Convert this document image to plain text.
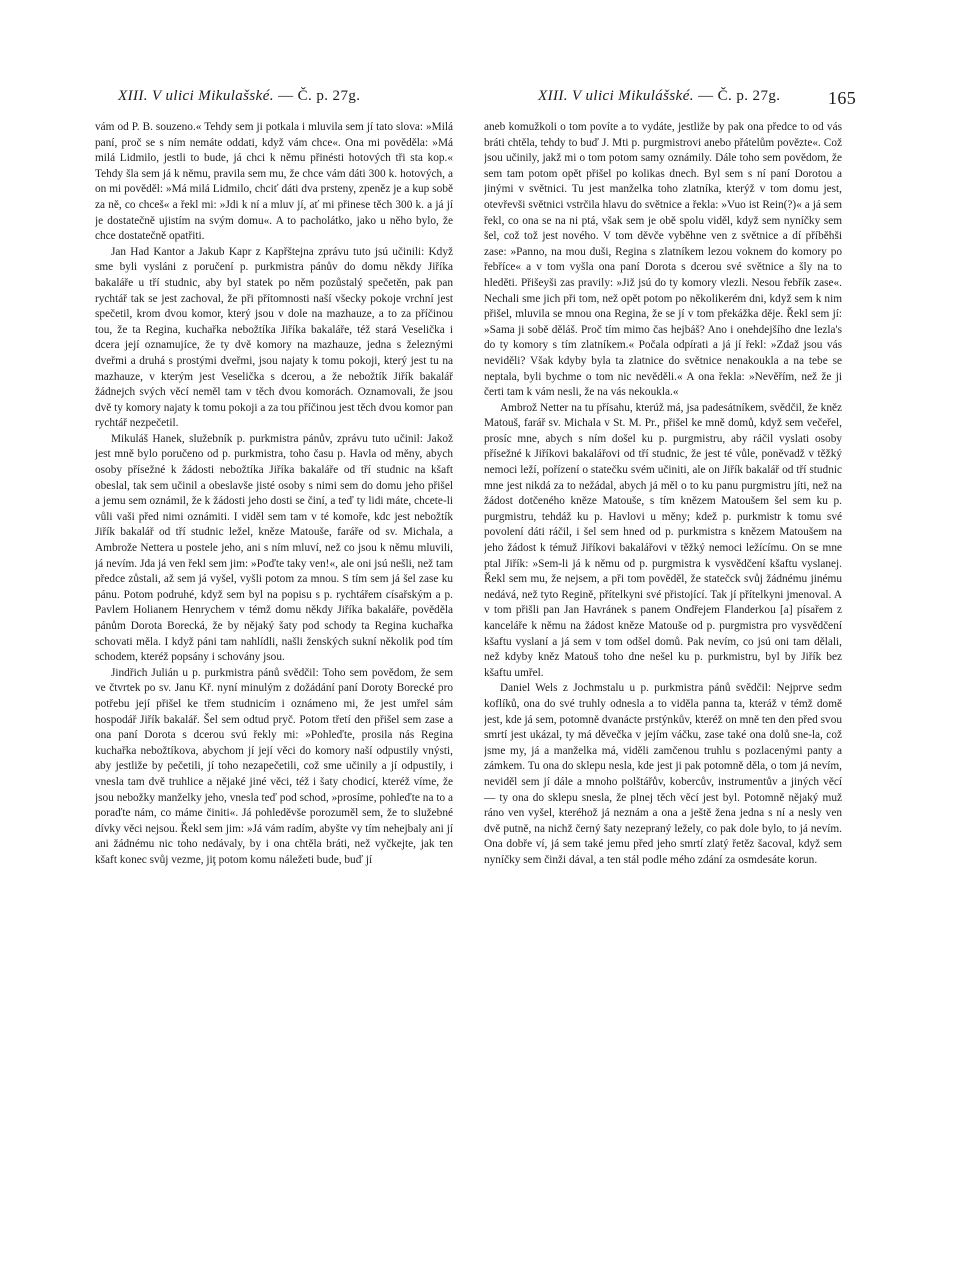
XIII. V ulici Mikulašské. — Č. p. 27g.	XIII. V ulici Mikulášské. — Č. p. 27g.	165

vám od P. B. souzeno.« Tehdy sem ji potkala i mluvila sem jí tato slova: »Milá paní, proč se s ním nemáte oddati, když vám chce«. Ona mi pověděla: »Má milá Lidmilo, jestli to bude, já chci k němu přinésti hotových tři sta kop.« Tehdy šla sem já k němu, pravila sem mu, že chce vám dáti 300 k. hotových, a on mi pověděl: »Má milá Lidmilo, chciť dáti dva prsteny, zpeněz je a kup sobě za ně, co chceš« a řekl mi: »Jdi k ní a mluv jí, ať mi přinese těch 300 k. a já jí je dostatečně ujistím na svým domu«. A to pacholátko, jako u něho bylo, že chce dostatečně opatřiti.

Jan Had Kantor a Jakub Kapr z Kapřštejna zprávu tuto jsú učinili: Když sme byli vysláni z poručení p. purkmistra pánův do domu někdy Jiříka bakaláře u tří studnic, aby byl statek po něm pozůstalý spečetěn, pak pan rychtář tak se jest zachoval, že při přítomnosti naší všecky pokoje vrchní jest spečetil, krom dvou komor, který jsou v dole na mazhauze, a to za příčinou tou, že ta Regina, kuchařka nebožtíka Jiříka bakaláře, též stará Veselička i dcera její oznamujíce, že ty dvě komory na mazhauze, jedna s železnými dveřmi a druhá s prostými dveřmi, jsou najaty k tomu pokoji, který jest tu na mazhauze, v kterým jest Veselička s dcerou, a že nebožtík Jiřík bakalář žádnejch svých věcí neměl tam v těch dvou komorách. Oznamovali, že jsou dvě ty komory najaty k tomu pokoji a za tou příčinou jest těch dvou komor pan rychtář nezpečetil.

Mikuláš Hanek, služebník p. purkmistra pánův, zprávu tuto učinil: Jakož jest mně bylo poručeno od p. purkmistra, toho času p. Havla od měny, abych osoby přísežné k žádosti nebožtíka Jiříka bakaláře od tří studnic na kšaft obeslal, tak sem učinil a obeslavše jisté osoby s nimi sem do domu jeho přišel a jemu sem oznámil, že k žádosti jeho dosti se činí, a teď ty lidi máte, chcete-li vůli vaši před nimi oznámiti. I viděl sem tam v té komoře, kdc jest nebožtík Jiřík bakalář od tří studnic ležel, kněze Matouše, faráře od sv. Michala, a Ambrože Nettera u postele jeho, ani s ním mluví, než co jsou k němu mluvili, já nevím. Jda já ven řekl sem jim: »Poďte taky ven!«, ale oni jsú nešli, než tam předce zůstali, až sem já vyšel, vyšli potom za mnou. S tím sem já šel zase ku pánu. Potom podruhé, když sem byl na popisu s p. rychtářem císařským a p. Pavlem Holianem Henrychem v témž domu někdy Jiříka bakaláře, pověděla pánům Dorota Borecká, že by nějaký šaty pod schody ta Regina kuchařka schovati měla. I když páni tam nahlídli, našli ženských sukní několik pod tím schodem, kteréž popsány i schovány jsou.

Jindřich Julián u p. purkmistra pánů svědčil: Toho sem povědom, že sem ve čtvrtek po sv. Janu Kř. nyní minulým z dožádání paní Doroty Borecké pro potřebu její přišel ke třem studnicím i oznámeno mi, že jest umřel sám hospodář Jiřík bakalář. Šel sem odtud pryč. Potom třetí den přišel sem zase a ona paní Dorota s dcerou svú řekly mi: »Pohleďte, prosila nás Regina kuchařka nebožtíkova, abychom jí její věci do komory naší odpustily vnýsti, aby jestliže by pečetili, jí toho nezapečetili, což sme učinily a jí odpustily, i vnesla tam dvě truhlice a nějaké jiné věci, též i šaty chodicí, kteréž víme, že jsou nebožky manželky jeho, vnesla teď pod schod, »prosíme, pohleďte na to a poraďte nám, co máme činiti«. Já pohleděvše porozuměl sem, že to služebné dívky věci nejsou. Řekl sem jim: »Já vám radím, abyšte vy tím nehejbaly ani jí ani žádnému nic toho nedávaly, by i ona chtěla bráti, než vyčkejte, jak ten kšaft konec svůj vezme, jiţ potom komu náležeti bude, buď jí

aneb komužkoli o tom povíte a to vydáte, jestliže by pak ona předce to od vás bráti chtěla, tehdy to buď J. Mti p. purgmistrovi anebo přátelům povězte«. Což jsou učinily, jakž mi o tom potom samy oznámily. Dále toho sem povědom, že sem tam potom opět přišel po kolikas dnech. Byl sem s ní paní Dorotou a jinými v světnici. Tu jest manželka toho zlatníka, kterýž v tom domu jest, otevřevši světnici vstrčila hlavu do světnice a řekla: »Vuo ist Rein(?)« a já sem řekl, co ona se na ni ptá, však sem je obě spolu viděl, když sem nyníčky sem šel, což tož jest nového. V tom děvče vyběhne ven z světnice a dí příběhši zase: »Panno, na mou duši, Regina s zlatníkem lezou voknem do komory po řebříce« a v tom vyšla ona paní Dorota s dcerou své světnice a šly na to hleděti. Přišeyši zas pravily: »Již jsú do ty komory vlezli. Nesou řebřík zase«. Nechali sme jich při tom, než opět potom po několikerém dni, když sem k nim přišel, mluvila se mnou ona Regina, že se jí v tom překážka děje. Řekl sem jí: »Sama ji sobě děláš. Proč tím mimo čas hejbáš? Ano i onehdejšího dne lezla's do ty komory s tím zlatníkem.« Počala odpírati a já jí řekl: »Zdaž jsou vás neviděli? Však kdyby byla ta zlatnice do světnice nenakoukla a na tebe se neptala, byli bychme o tom nic nevěděli.« A ona řekla: »Nevěřím, než že ji čerti tam k vám nesli, že na vás nekoukla.«

Ambrož Netter na tu přísahu, kterúž má, jsa padesátníkem, svědčil, že kněz Matouš, farář sv. Michala v St. M. Pr., přišel ke mně domů, když sem večeřel, prosíc mne, abych s ním došel ku p. purgmistru, aby ráčil vyslati osoby přísežné k Jiříkovi bakalářovi od tří studnic, že jest té vůle, poněvadž v těžký nemoci leží, pořízení o statečku svém učiniti, ale on Jiřík bakalář od tří studnic mne jest nikdá za to nežádal, abych já měl o to ku panu purgmistru jíti, než na žádost dotčeného kněze Matouše, s tím knězem Matoušem šel sem ku p. purgmistru, tehdáž ku p. Havlovi u měny; kdež p. purkmistr k tomu své povolení dáti ráčil, i šel sem hned od p. purkmistra s knězem Matoušem na jeho žádost k témuž Jiříkovi bakalářovi v těžký nemoci ležícímu. On se mne ptal Jiřík: »Sem-li já k němu od p. purgmistra k vysvědčení kšaftu vyslanej. Řekl sem mu, že nejsem, a při tom pověděl, že statečck svůj žádnému jinému nedává, než tyto Regině, přítelkyni své přistojící. Tak jí přítelkyni jmenoval. A v tom přišli pan Jan Havránek s panem Ondřejem Flanderkou [a] písařem z kanceláře k němu na žádost kněze Matouše od p. purgmistra pro vysvědčení kšaftu vyslaní a já sem v tom odšel domů. Pak nevím, co jsú oni tam dělali, než kdyby kněz Matouš toho dne nešel ku p. purkmistru, byl by Jiřík bez kšaftu umřel.

Daniel Wels z Jochmstalu u p. purkmistra pánů svědčil: Nejprve sedm koflíků, ona do své truhly odnesla a to viděla panna ta, kteráž v témž domě jest, kde já sem, potomně dvanácte prstýnkův, kteréž on mně ten den před svou smrtí jest ukázal, ty má děvečka v jejím váčku, zase také ona dolů sne-la, což jsme my, já a manželka má, viděli zamčenou truhlu s pozlacenými panty a zámkem. Tu ona do sklepu nesla, kde jest ji pak potomně děla, o tom já nevím, neviděl sem jí dále a mnoho polštářův, kobercův, instrumentův a jiných věcí — ty ona do sklepu snesla, že plnej těch věcí jest byl. Potomně nějaký muž ráno ven vyšel, kteréhož já neznám a ona a ještě žena jedna s ní a nesly ven dvě putně, na nichž černý šaty nezepraný ležely, co pak dole bylo, to já nevím. Ona dobře ví, já sem také jemu před jeho smrtí zlatý řetěz šacoval, když sem nyníčky sem činži dával, a ten stál podle mého zdání za osmdesáte korun.
